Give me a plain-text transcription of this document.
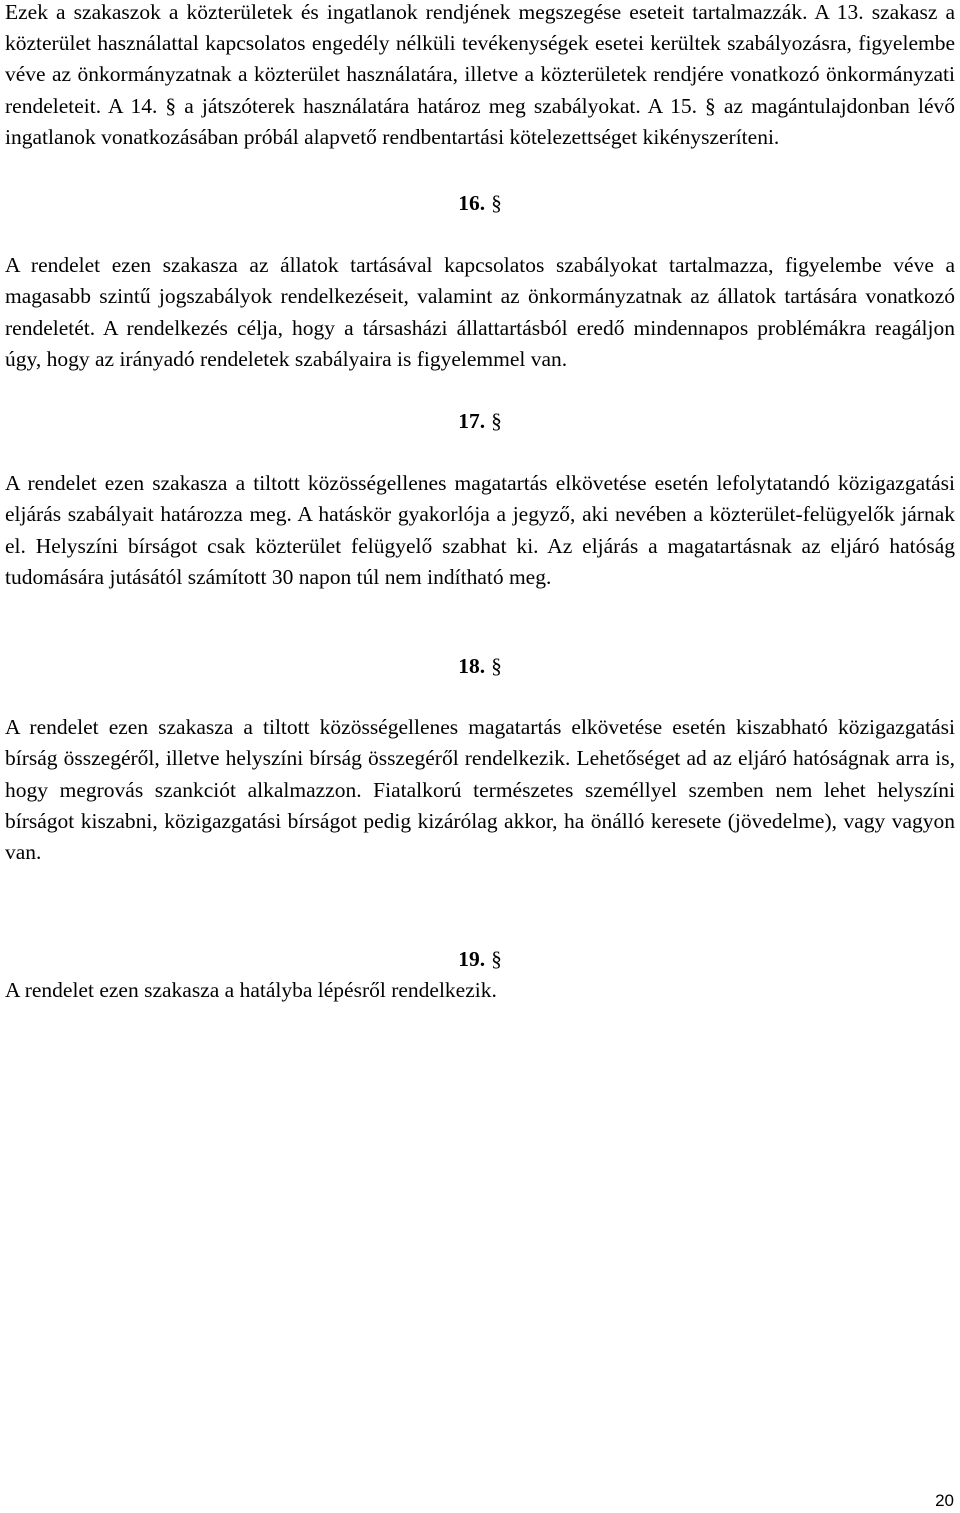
Ezek a szakaszok a közterületek és ingatlanok rendjének megszegése eseteit tartalmazzák. A 13. szakasz a közterület használattal kapcsolatos engedély nélküli tevékenységek esetei kerültek szabályozásra, figyelembe véve az önkormányzatnak a közterület használatára, illetve a közterületek rendjére vonatkozó önkormányzati rendeleteit. A 14. § a játszóterek használatára határoz meg szabályokat. A 15. § az magántulajdonban lévő ingatlanok vonatkozásában próbál alapvető rendbentartási kötelezettséget kikényszeríteni.

16. §

A rendelet ezen szakasza az állatok tartásával kapcsolatos szabályokat tartalmazza, figyelembe véve a magasabb szintű jogszabályok rendelkezéseit, valamint az önkormányzatnak az állatok tartására vonatkozó rendeletét. A rendelkezés célja, hogy a társasházi állattartásból eredő mindennapos problémákra reagáljon úgy, hogy az irányadó rendeletek szabályaira is figyelemmel van.

17. §

A rendelet ezen szakasza a tiltott közösségellenes magatartás elkövetése esetén lefolytatandó közigazgatási eljárás szabályait határozza meg. A hatáskör gyakorlója a jegyző, aki nevében a közterület-felügyelők járnak el. Helyszíni bírságot csak közterület felügyelő szabhat ki. Az eljárás a magatartásnak az eljáró hatóság tudomására jutásától számított 30 napon túl nem indítható meg.

18. §

A rendelet ezen szakasza a tiltott közösségellenes magatartás elkövetése esetén kiszabható közigazgatási bírság összegéről, illetve helyszíni bírság összegéről rendelkezik. Lehetőséget ad az eljáró hatóságnak arra is, hogy megrovás szankciót alkalmazzon. Fiatalkorú természetes személlyel szemben nem lehet helyszíni bírságot kiszabni, közigazgatási bírságot pedig kizárólag akkor, ha önálló keresete (jövedelme), vagy vagyon van.

19. §

A rendelet ezen szakasza a hatályba lépésről rendelkezik.

20
